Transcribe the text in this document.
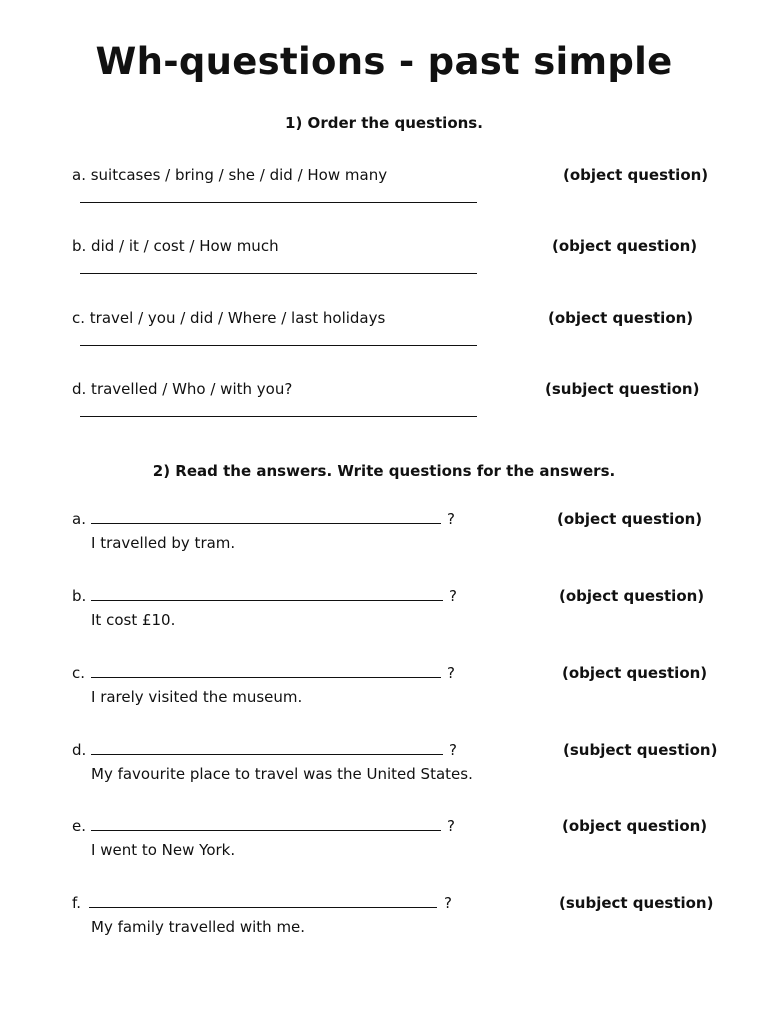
Wh-questions - past simple

1) Order the questions.

a. suitcases / bring / she / did / How many	(object question)
b. did / it / cost / How much	(object question)
c. travel / you / did / Where / last holidays	(object question)
d. travelled / Who / with you?	(subject question)

2) Read the answers. Write questions for the answers.

a.	?	(object question)
I travelled by tram.
b.	?	(object question)
It cost £10.
c.	?	(object question)
I rarely visited the museum.
d.	?	(subject question)
My favourite place to travel was the United States.
e.	?	(object question)
I went to New York.
f.	?	(subject question)
My family travelled with me.
